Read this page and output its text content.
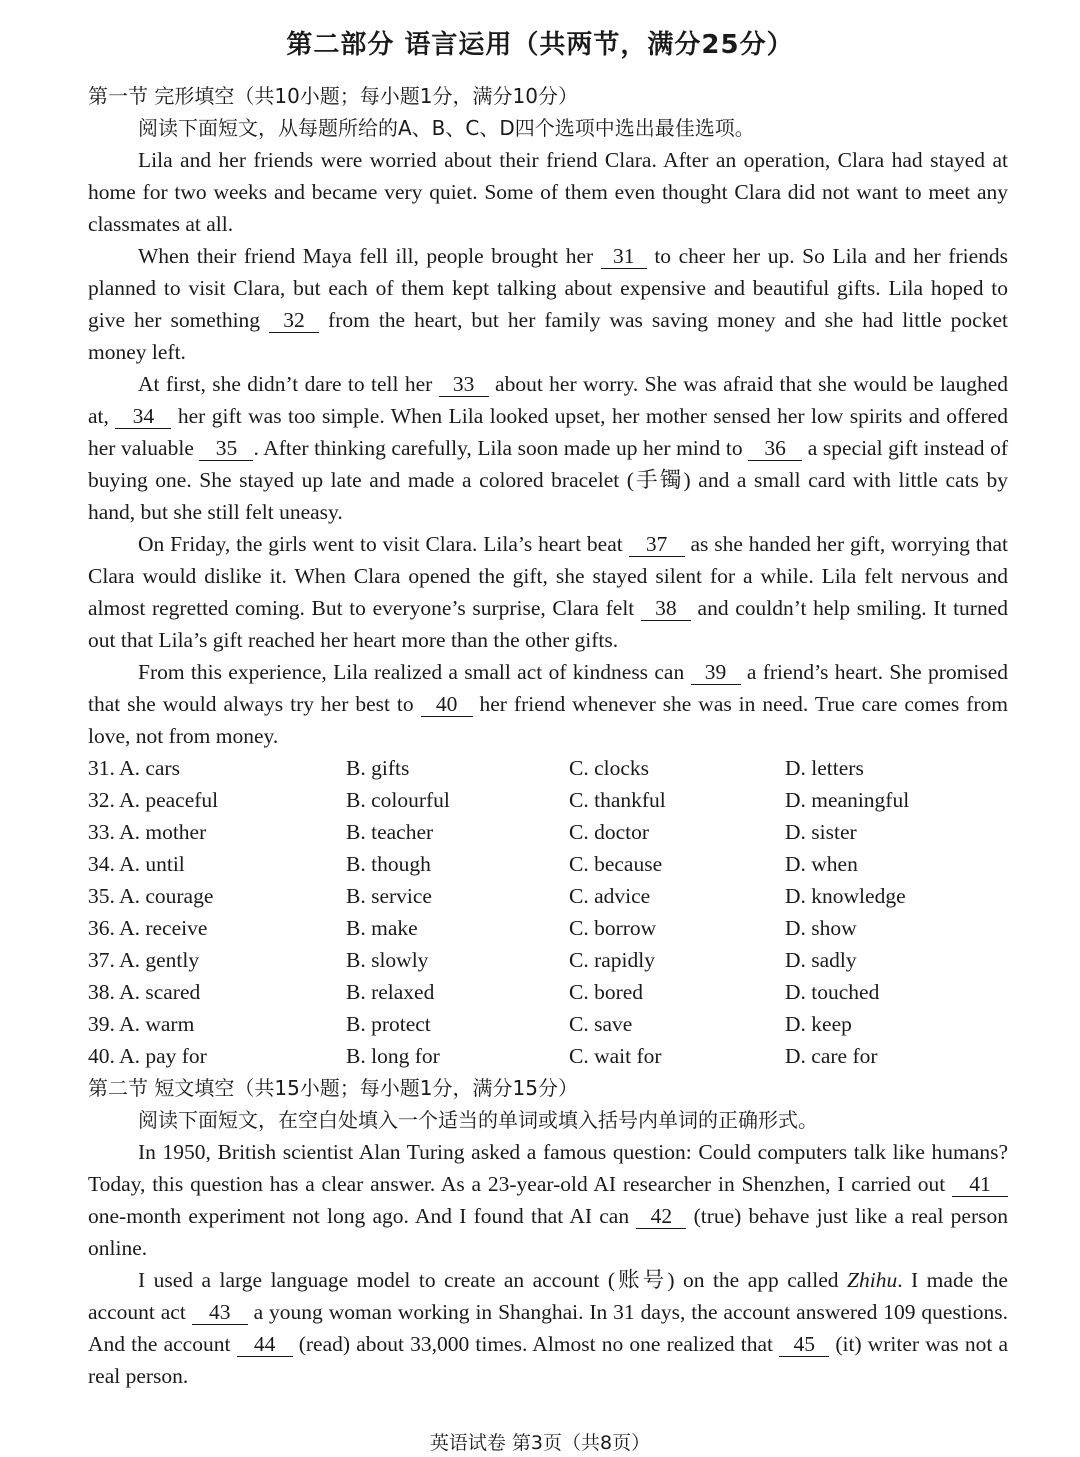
第二部分 语言运用（共两节，满分25分）
第一节 完形填空（共10小题；每小题1分，满分10分）
阅读下面短文，从每题所给的A、B、C、D四个选项中选出最佳选项。

Lila and her friends were worried about their friend Clara. After an operation, Clara had stayed at home for two weeks and became very quiet. Some of them even thought Clara did not want to meet any classmates at all.

When their friend Maya fell ill, people brought her 31 to cheer her up. So Lila and her friends planned to visit Clara, but each of them kept talking about expensive and beautiful gifts. Lila hoped to give her something 32 from the heart, but her family was saving money and she had little pocket money left.

At first, she didn’t dare to tell her 33 about her worry. She was afraid that she would be laughed at, 34 her gift was too simple. When Lila looked upset, her mother sensed her low spirits and offered her valuable 35 . After thinking carefully, Lila soon made up her mind to 36 a special gift instead of buying one. She stayed up late and made a colored bracelet (手镯) and a small card with little cats by hand, but she still felt uneasy.

On Friday, the girls went to visit Clara. Lila’s heart beat 37 as she handed her gift, worrying that Clara would dislike it. When Clara opened the gift, she stayed silent for a while. Lila felt nervous and almost regretted coming. But to everyone’s surprise, Clara felt 38 and couldn’t help smiling. It turned out that Lila’s gift reached her heart more than the other gifts.

From this experience, Lila realized a small act of kindness can 39 a friend’s heart. She promised that she would always try her best to 40 her friend whenever she was in need. True care comes from love, not from money.

31. A. cars	B. gifts	C. clocks	D. letters
32. A. peaceful	B. colourful	C. thankful	D. meaningful
33. A. mother	B. teacher	C. doctor	D. sister
34. A. until	B. though	C. because	D. when
35. A. courage	B. service	C. advice	D. knowledge
36. A. receive	B. make	C. borrow	D. show
37. A. gently	B. slowly	C. rapidly	D. sadly
38. A. scared	B. relaxed	C. bored	D. touched
39. A. warm	B. protect	C. save	D. keep
40. A. pay for	B. long for	C. wait for	D. care for
第二节 短文填空（共15小题；每小题1分，满分15分）
阅读下面短文，在空白处填入一个适当的单词或填入括号内单词的正确形式。

In 1950, British scientist Alan Turing asked a famous question: Could computers talk like humans? Today, this question has a clear answer. As a 23-year-old AI researcher in Shenzhen, I carried out 41 one-month experiment not long ago. And I found that AI can 42 (true) behave just like a real person online.

I used a large language model to create an account (账号) on the app called Zhihu. I made the account act 43 a young woman working in Shanghai. In 31 days, the account answered 109 questions. And the account 44 (read) about 33,000 times. Almost no one realized that 45 (it) writer was not a real person.

英语试卷 第3页（共8页）
